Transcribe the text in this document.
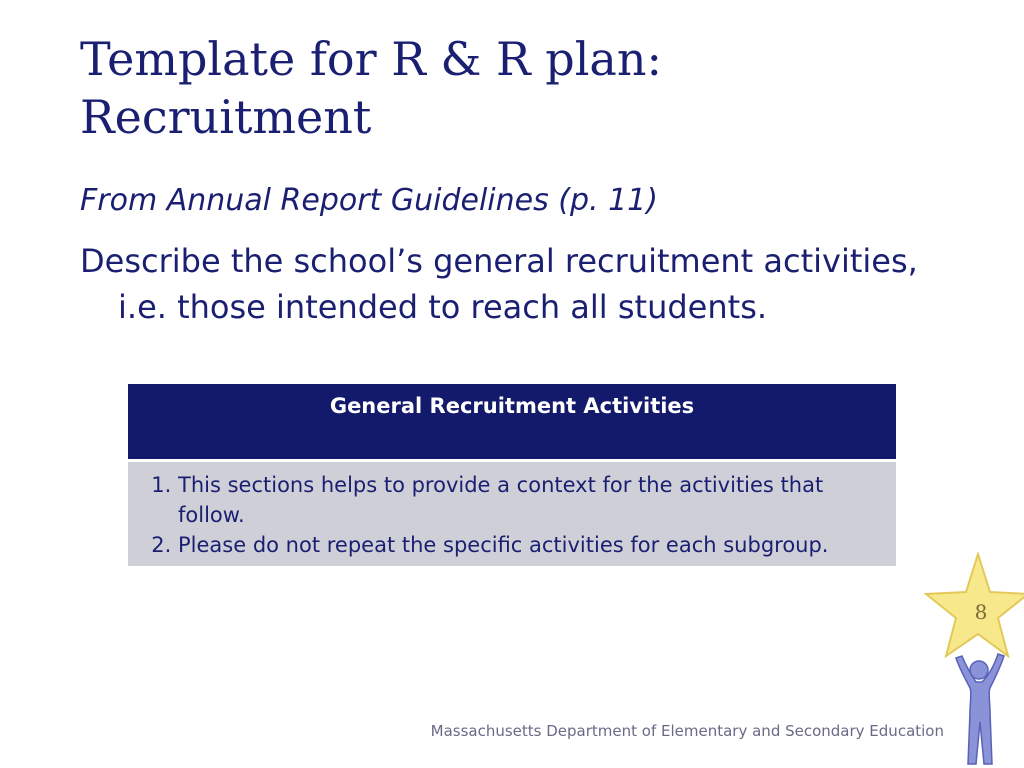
Template for R & R plan: Recruitment
From Annual Report Guidelines (p. 11)

Describe the school’s general recruitment activities, i.e. those intended to reach all students.

General Recruitment Activities
1. This sections helps to provide a context for the activities that follow.
2. Please do not repeat the specific activities for each subgroup.
8
Massachusetts Department of Elementary and Secondary Education
